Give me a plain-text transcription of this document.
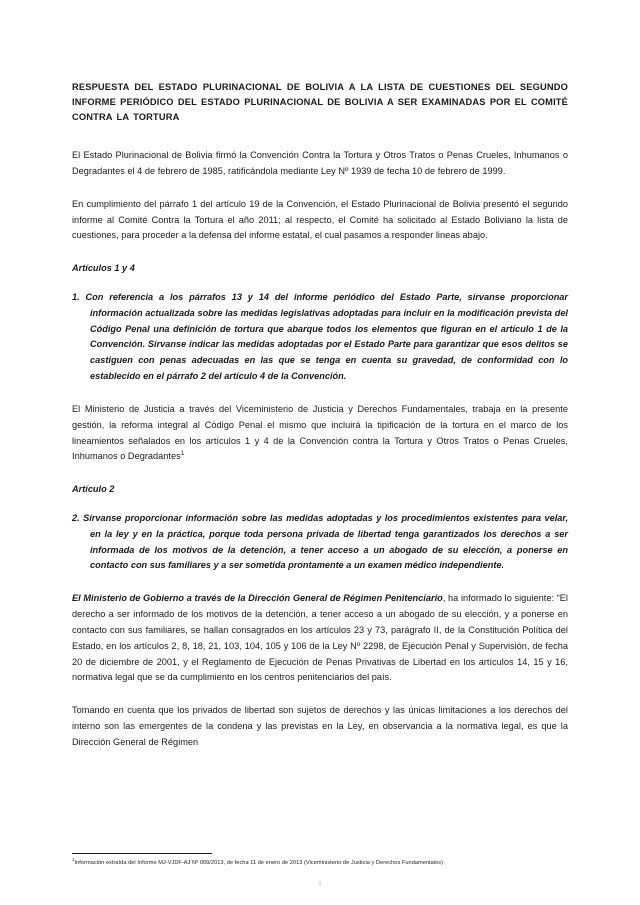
RESPUESTA DEL ESTADO PLURINACIONAL DE BOLIVIA A LA LISTA DE CUESTIONES DEL SEGUNDO INFORME PERIÓDICO DEL ESTADO PLURINACIONAL DE BOLIVIA A SER EXAMINADAS POR EL COMITÉ CONTRA LA TORTURA

El Estado Plurinacional de Bolivia firmó la Convención Contra la Tortura y Otros Tratos o Penas Crueles, Inhumanos o Degradantes el 4 de febrero de 1985, ratificándola mediante Ley Nº 1939 de fecha 10 de febrero de 1999.

En cumplimiento del párrafo 1 del artículo 19 de la Convención, el Estado Plurinacional de Bolivia presentó el segundo informe al Comité Contra la Tortura el año 2011; al respecto, el Comité ha solicitado al Estado Boliviano la lista de cuestiones, para proceder a la defensa del informe estatal, el cual pasamos a responder lineas abajo.

Artículos 1 y 4

1. Con referencia a los párrafos 13 y 14 del informe periódico del Estado Parte, sírvanse proporcionar información actualizada sobre las medidas legislativas adoptadas para incluir en la modificación prevista del Código Penal una definición de tortura que abarque todos los elementos que figuran en el artículo 1 de la Convención. Sírvanse indicar las medidas adoptadas por el Estado Parte para garantizar que esos delitos se castiguen con penas adecuadas en las que se tenga en cuenta su gravedad, de conformidad con lo establecido en el párrafo 2 del artículo 4 de la Convención.

El Ministerio de Justicia a través del Viceministerio de Justicia y Derechos Fundamentales, trabaja en la presente gestión, la reforma integral al Código Penal el mismo que incluirá la tipificación de la tortura en el marco de los lineamientos señalados en los artículos 1 y 4 de la Convención contra la Tortura y Otros Tratos o Penas Crueles, Inhumanos o Degradantes$^1$

Artículo 2

2. Sírvanse proporcionar información sobre las medidas adoptadas y los procedimientos existentes para velar, en la ley y en la práctica, porque toda persona privada de libertad tenga garantizados los derechos a ser informada de los motivos de la detención, a tener acceso a un abogado de su elección, a ponerse en contacto con sus familiares y a ser sometida prontamente a un examen médico independiente.

El Ministerio de Gobierno a través de la Dirección General de Régimen Penitenciario, ha informado lo siguiente: “El derecho a ser informado de los motivos de la detención, a tener acceso a un abogado de su elección, y a ponerse en contacto con sus familiares, se hallan consagrados en los artículos 23 y 73, parágrafo II, de la Constitución Política del Estado, en los artículos 2, 8, 18, 21, 103, 104, 105 y 106 de la Ley Nº 2298, de Ejecución Penal y Supervisión, de fecha 20 de diciembre de 2001, y el Reglamento de Ejecución de Penas Privativas de Libertad en los artículos 14, 15 y 16, normativa legal que se da cumplimiento en los centros penitenciarios del país.

Tomando en cuenta que los privados de libertad son sujetos de derechos y las únicas limitaciones a los derechos del interno son las emergentes de la condena y las previstas en la Ley, en observancia a la normativa legal, es que la Dirección General de Régimen

$^1$Información extraída del Informe MJ-VJDF-AJ Nº 009/2013, de fecha 11 de enero de 2013 (Viceministerio de Justicia y Derechos Fundamentales)

1
